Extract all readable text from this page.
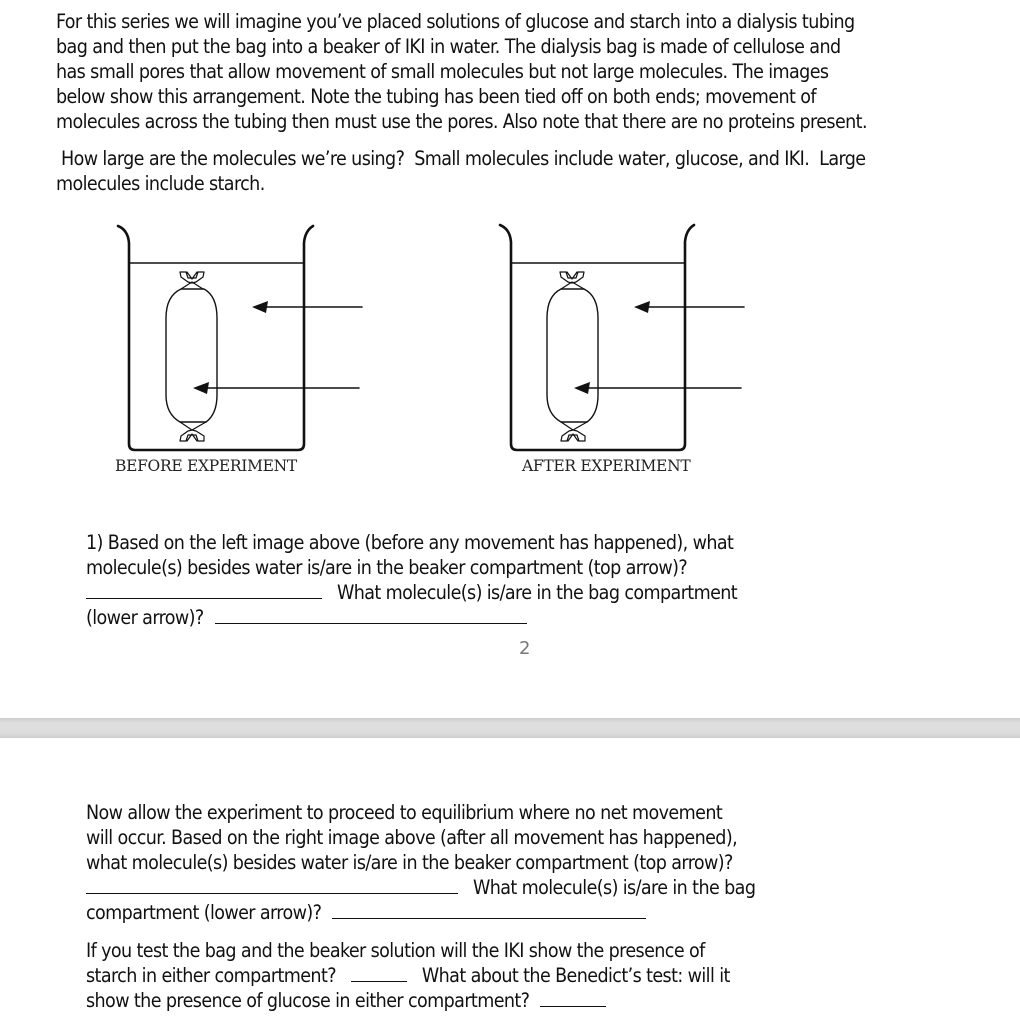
For this series we will imagine you’ve placed solutions of glucose and starch into a dialysis tubing
bag and then put the bag into a beaker of IKI in water. The dialysis bag is made of cellulose and
has small pores that allow movement of small molecules but not large molecules. The images
below show this arrangement. Note the tubing has been tied off on both ends; movement of
molecules across the tubing then must use the pores. Also note that there are no proteins present.
How large are the molecules we’re using?  Small molecules include water, glucose, and IKI.  Large
molecules include starch.
BEFORE EXPERIMENT	AFTER EXPERIMENT
1) Based on the left image above (before any movement has happened), what
molecule(s) besides water is/are in the beaker compartment (top arrow)?
What molecule(s) is/are in the bag compartment
(lower arrow)?
2
Now allow the experiment to proceed to equilibrium where no net movement
will occur. Based on the right image above (after all movement has happened),
what molecule(s) besides water is/are in the beaker compartment (top arrow)?
What molecule(s) is/are in the bag
compartment (lower arrow)?
If you test the bag and the beaker solution will the IKI show the presence of
starch in either compartment?	What about the Benedict’s test: will it
show the presence of glucose in either compartment?
